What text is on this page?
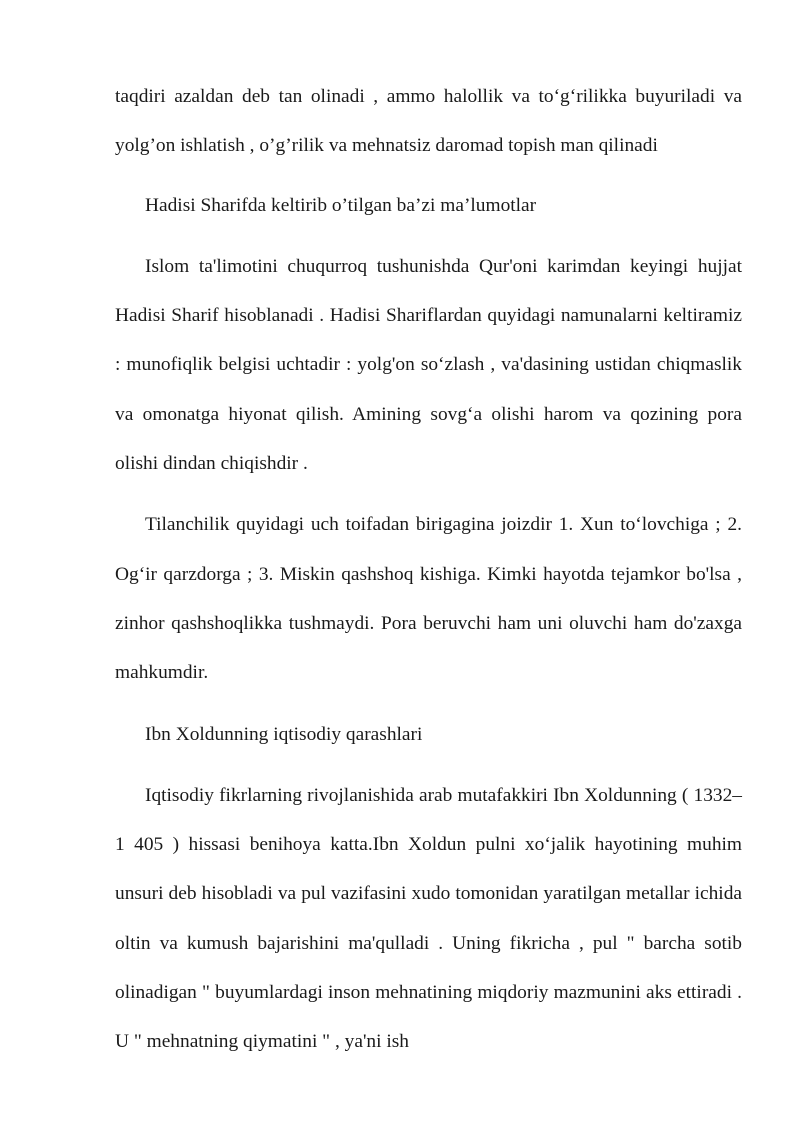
taqdiri azaldan deb tan olinadi , ammo halollik va to‘g‘rilikka buyuriladi va yolg’on ishlatish , o’g’rilik va mehnatsiz daromad topish man qilinadi

Hadisi Sharifda keltirib o’tilgan ba’zi ma’lumotlar

Islom ta'limotini chuqurroq tushunishda Qur'oni karimdan keyingi hujjat Hadisi Sharif hisoblanadi . Hadisi Shariflardan quyidagi namunalarni keltiramiz : munofiqlik belgisi uchtadir : yolg'on so‘zlash , va'dasining ustidan chiqmaslik va omonatga hiyonat qilish. Amining sovg‘a olishi harom va qozining pora olishi dindan chiqishdir .

Tilanchilik quyidagi uch toifadan birigagina joizdir 1. Xun to‘lovchiga ; 2. Og‘ir qarzdorga ; 3. Miskin qashshoq kishiga. Kimki hayotda tejamkor bo'lsa , zinhor qashshoqlikka tushmaydi. Pora beruvchi ham uni oluvchi ham do'zaxga mahkumdir.

Ibn Xoldunning iqtisodiy qarashlari

Iqtisodiy fikrlarning rivojlanishida arab mutafakkiri Ibn Xoldunning ( 1332–1 405 ) hissasi benihoya katta.Ibn Xoldun pulni xo‘jalik hayotining muhim unsuri deb hisobladi va pul vazifasini xudo tomonidan yaratilgan metallar ichida oltin va kumush bajarishini ma'qulladi . Uning fikricha , pul " barcha sotib olinadigan " buyumlardagi inson mehnatining miqdoriy mazmunini aks ettiradi . U " mehnatning qiymatini " , ya'ni ish
